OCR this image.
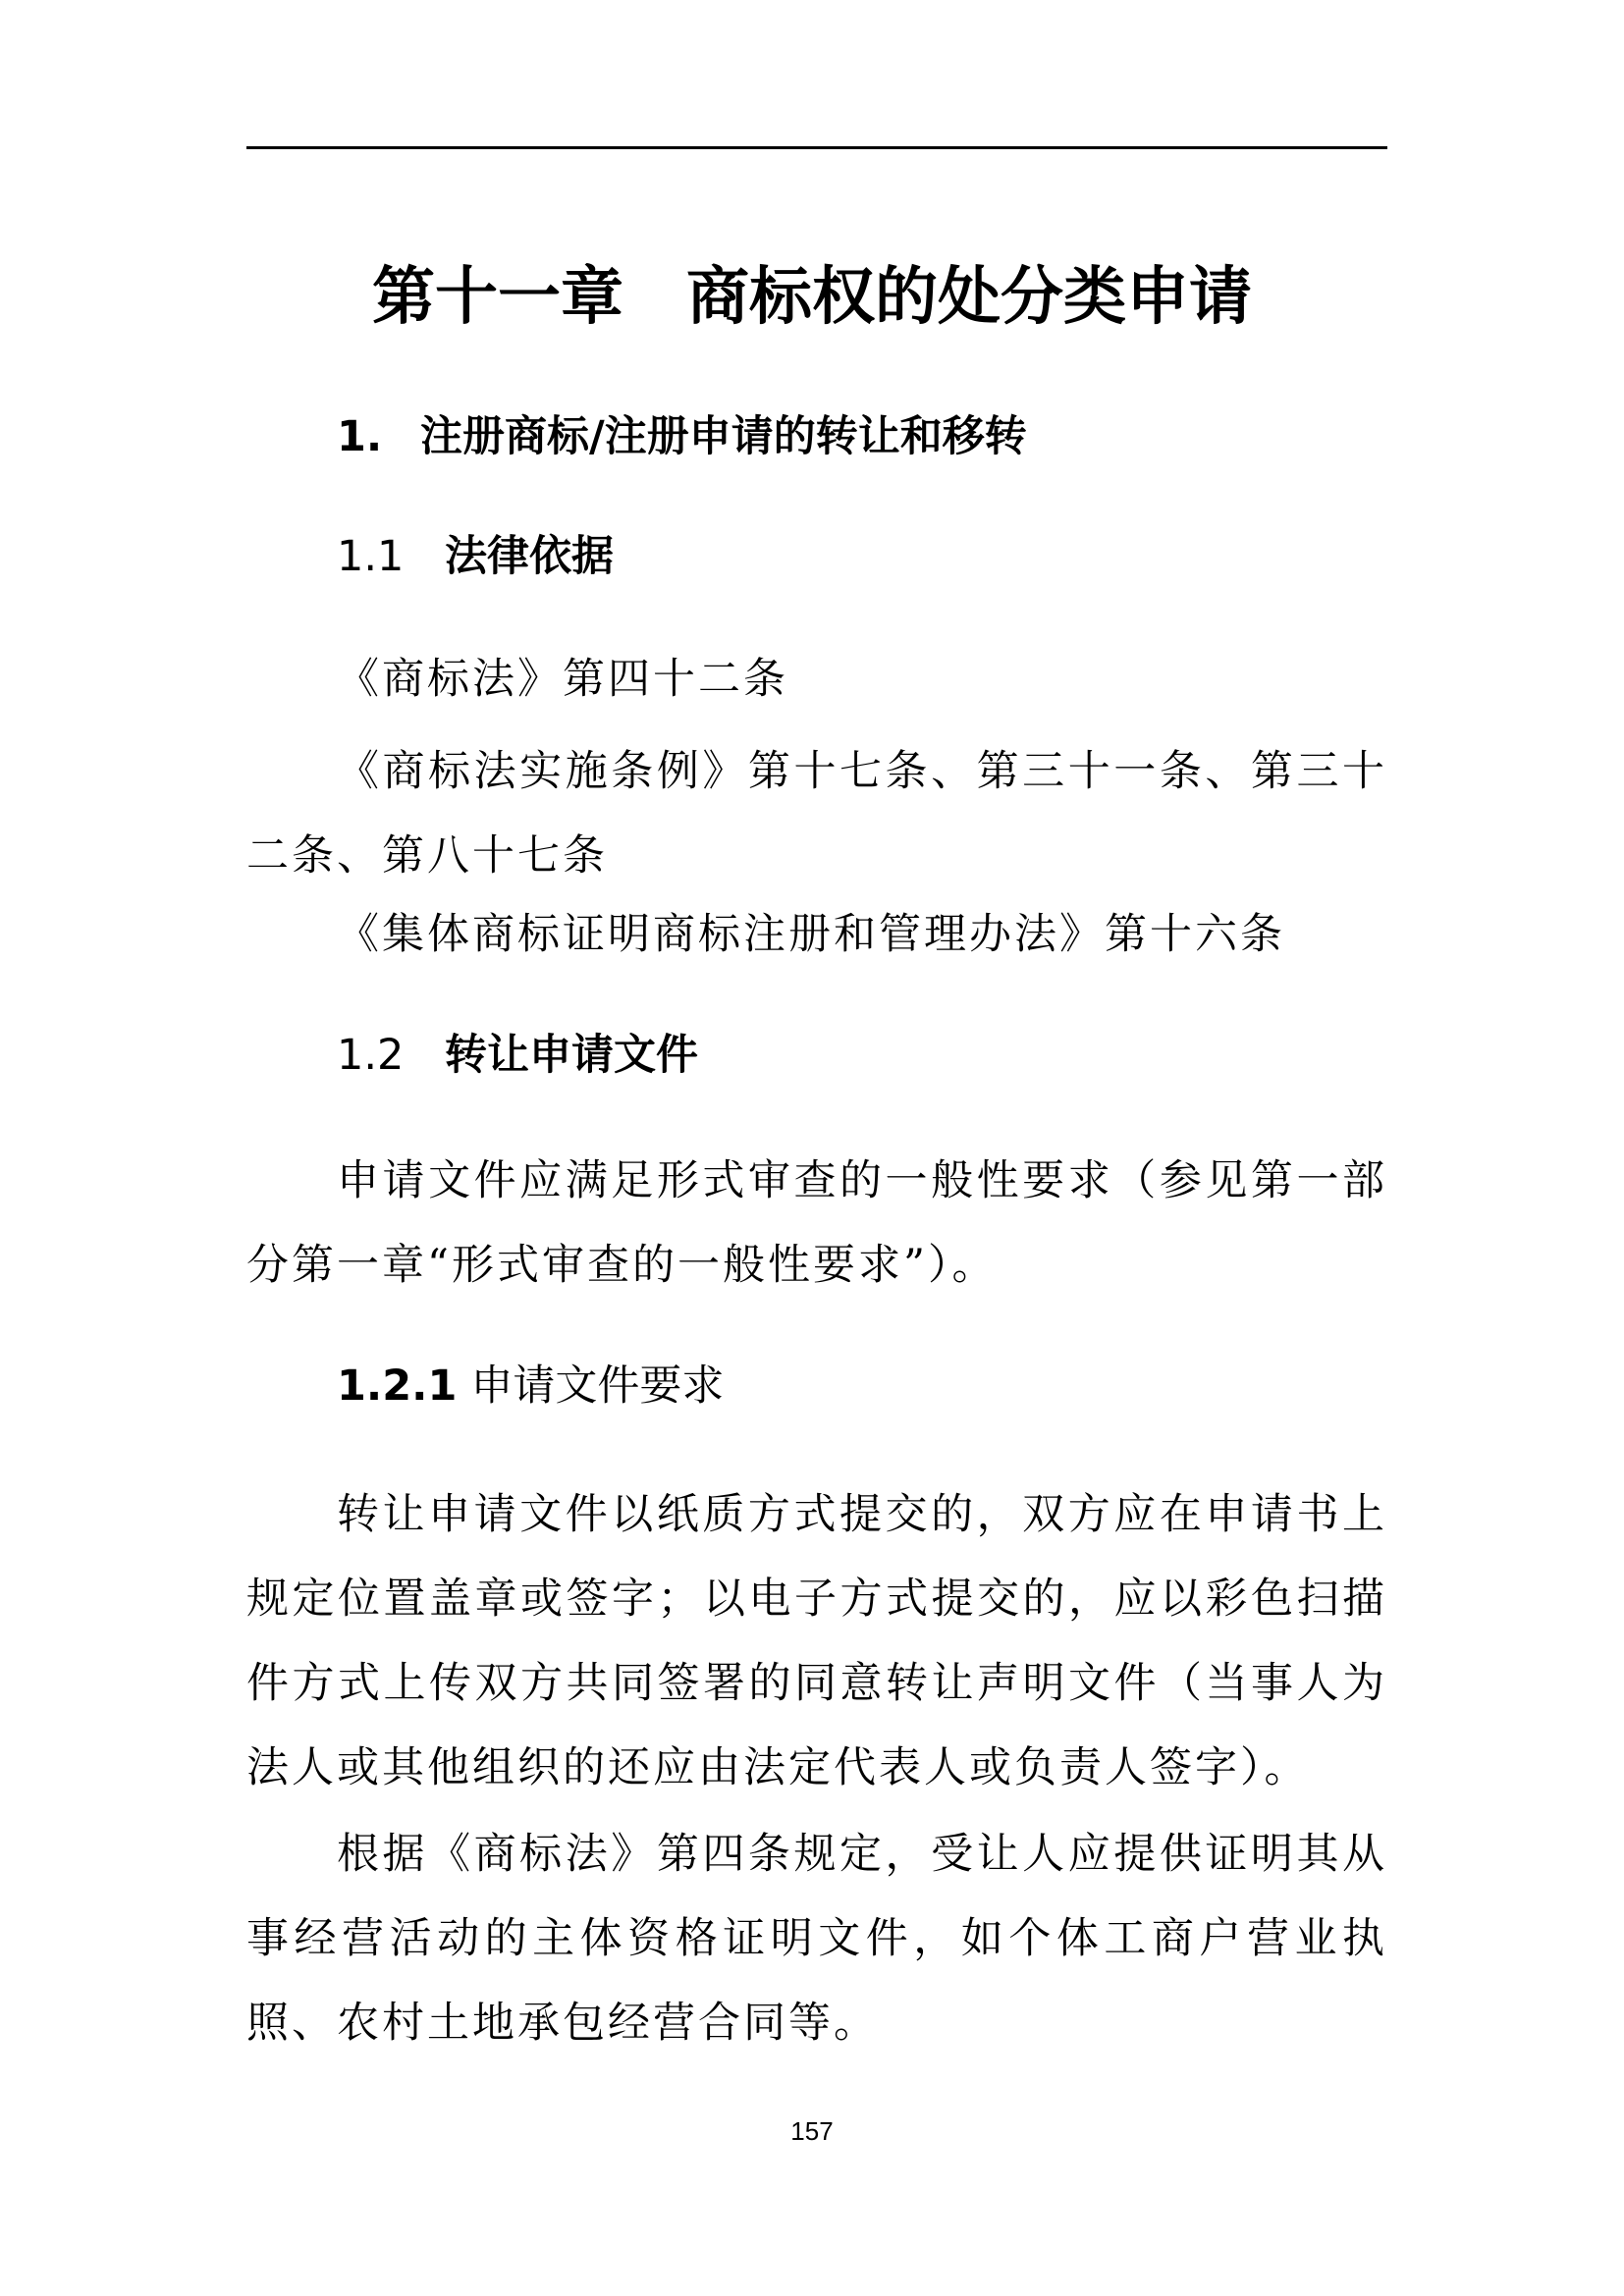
第十一章　商标权的处分类申请
1. 注册商标/注册申请的转让和移转
1.1 法律依据
《商标法》第四十二条

《商标法实施条例》第十七条、第三十一条、第三十二条、第八十七条

《集体商标证明商标注册和管理办法》第十六条
1.2 转让申请文件

申请文件应满足形式审查的一般性要求（参见第一部分第一章“形式审查的一般性要求”）。

1.2.1 申请文件要求

转让申请文件以纸质方式提交的，双方应在申请书上规定位置盖章或签字；以电子方式提交的，应以彩色扫描件方式上传双方共同签署的同意转让声明文件（当事人为法人或其他组织的还应由法定代表人或负责人签字）。

根据《商标法》第四条规定，受让人应提供证明其从事经营活动的主体资格证明文件，如个体工商户营业执照、农村土地承包经营合同等。

157
